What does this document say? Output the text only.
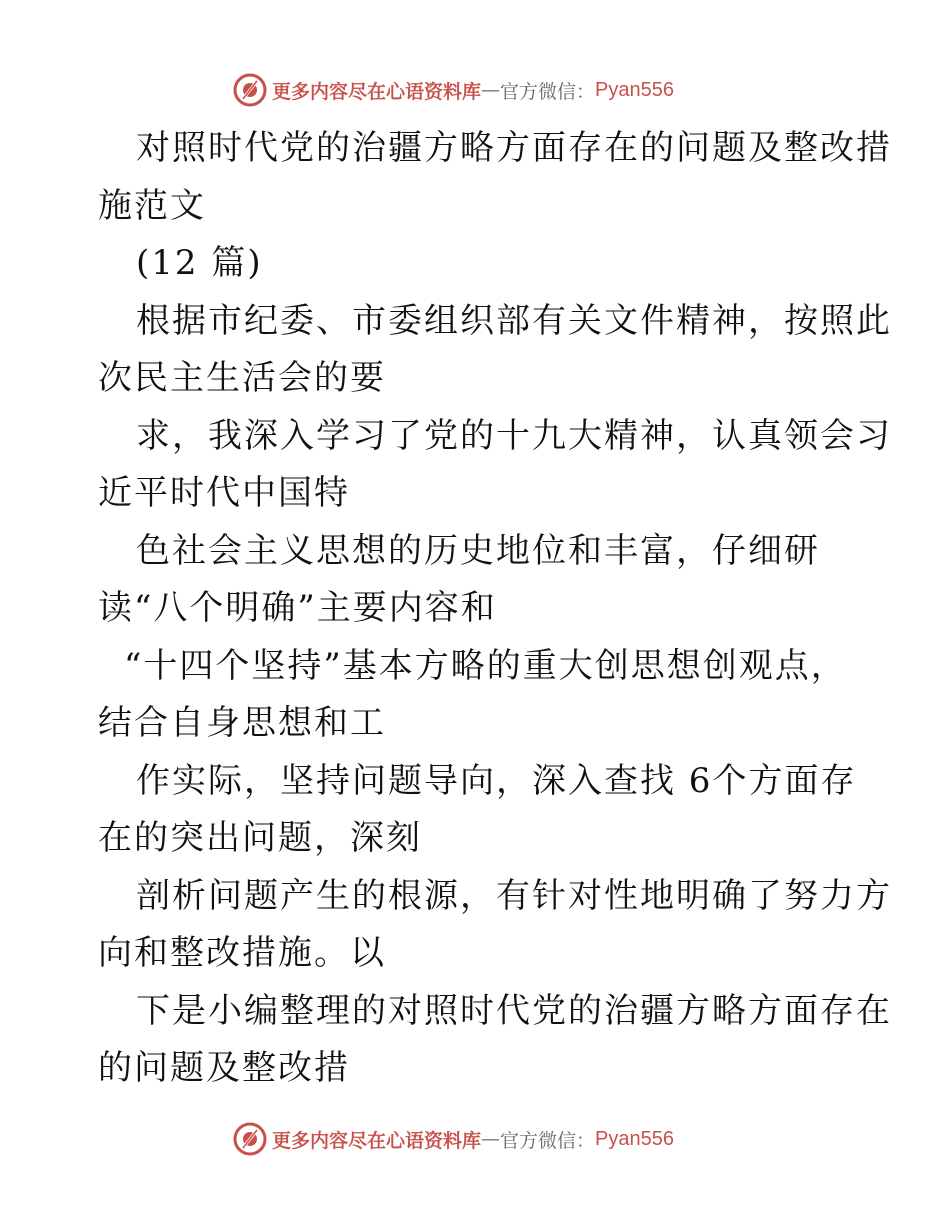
更多内容尽在心语资料库 — 官方微信： Pyan556
对照时代党的治疆方略方面存在的问题及整改措
施范文
(12 篇)
根据市纪委、市委组织部有关文件精神，按照此
次民主生活会的要
求，我深入学习了党的十九大精神，认真领会习
近平时代中国特
色社会主义思想的历史地位和丰富，仔细研
读“八个明确”主要内容和
“十四个坚持”基本方略的重大创思想创观点，
结合自身思想和工
作实际，坚持问题导向，深入查找 6个方面存
在的突出问题，深刻
剖析问题产生的根源，有针对性地明确了努力方
向和整改措施。以
下是小编整理的对照时代党的治疆方略方面存在
的问题及整改措
更多内容尽在心语资料库 — 官方微信： Pyan556
